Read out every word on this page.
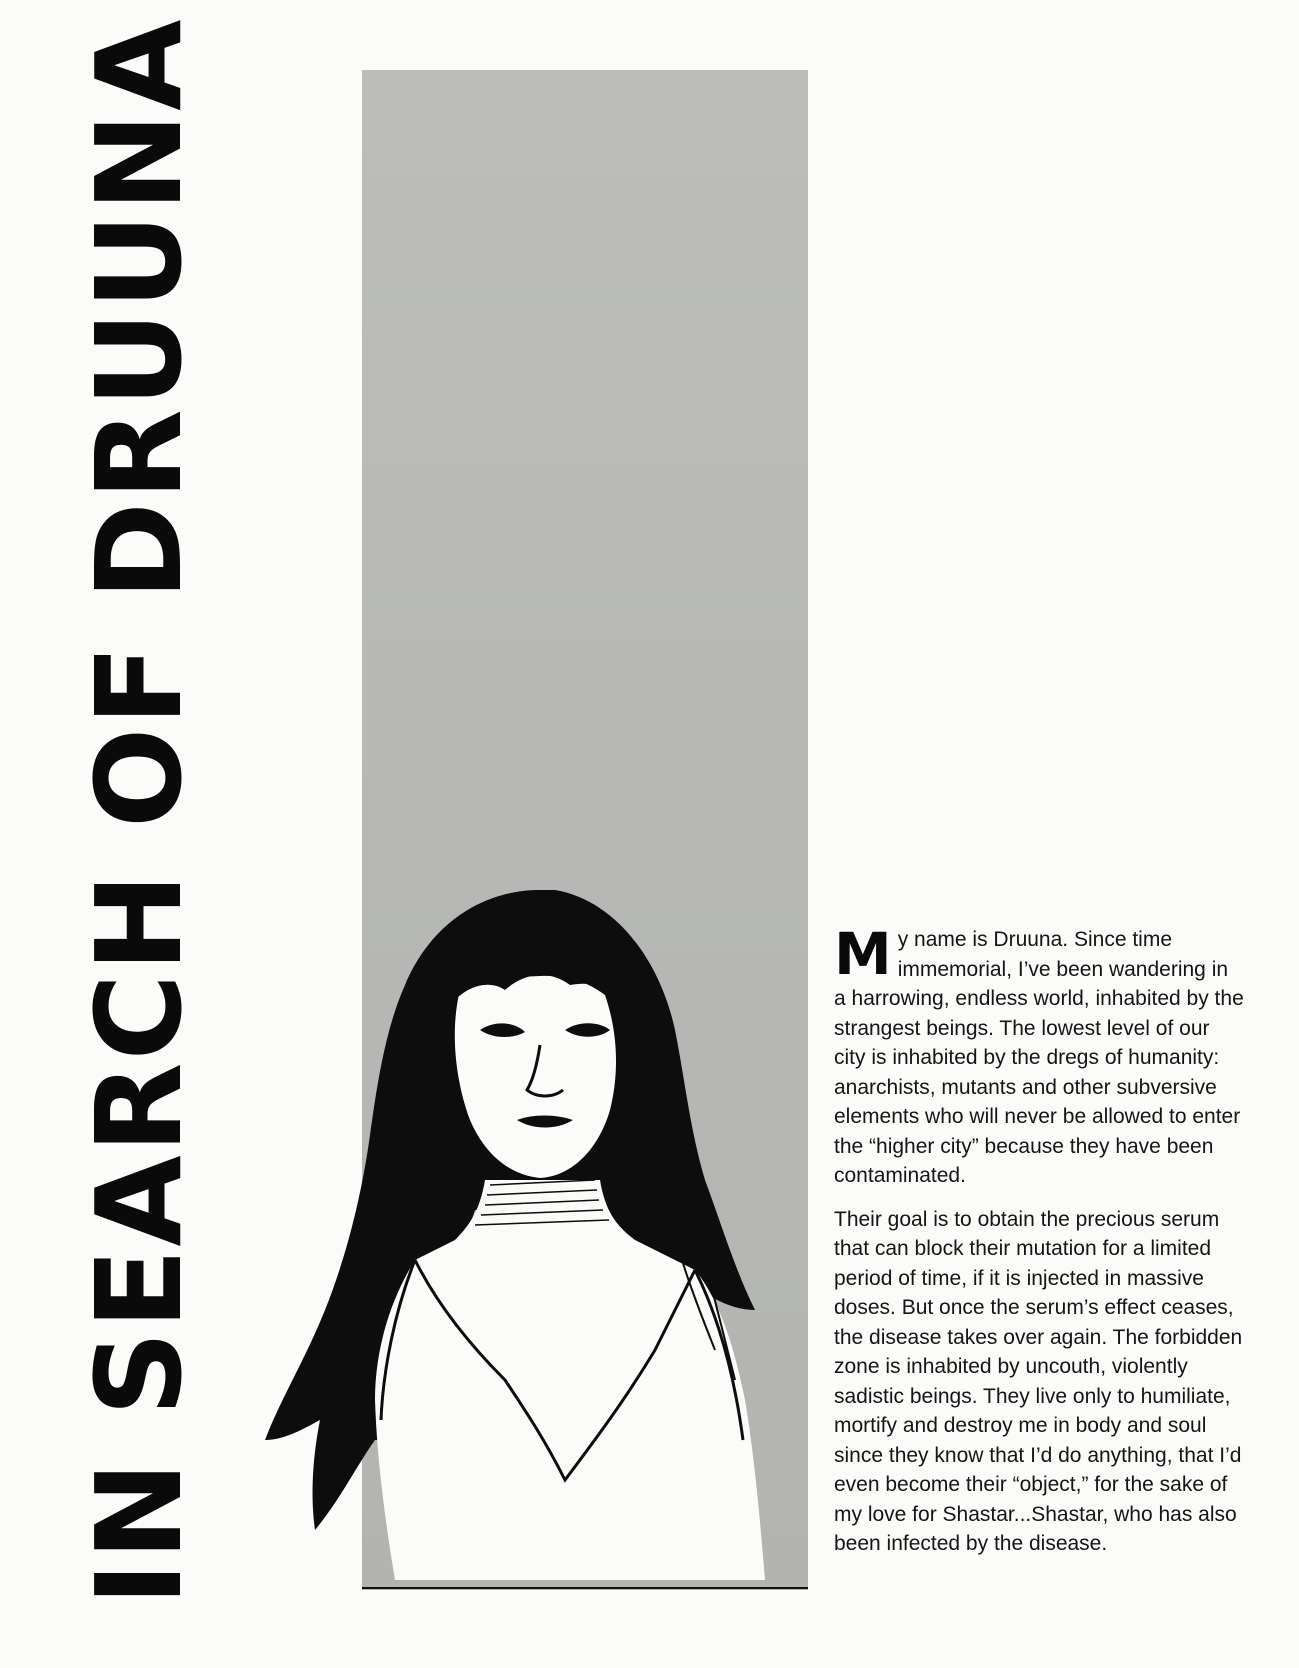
IN SEARCH OF DRUUNA	My name is Druuna. Since time immemorial, I’ve been wandering in a harrowing, endless world, inhabited by the strangest beings. The lowest level of our city is inhabited by the dregs of humanity: anarchists, mutants and other subversive elements who will never be allowed to enter the “higher city” because they have been contaminated.

Their goal is to obtain the precious serum that can block their mutation for a limited period of time, if it is injected in massive doses. But once the serum’s effect ceases, the disease takes over again. The forbidden zone is inhabited by uncouth, violently sadistic beings. They live only to humiliate, mortify and destroy me in body and soul since they know that I’d do anything, that I’d even become their “object,” for the sake of my love for Shastar...Shastar, who has also been infected by the disease.
